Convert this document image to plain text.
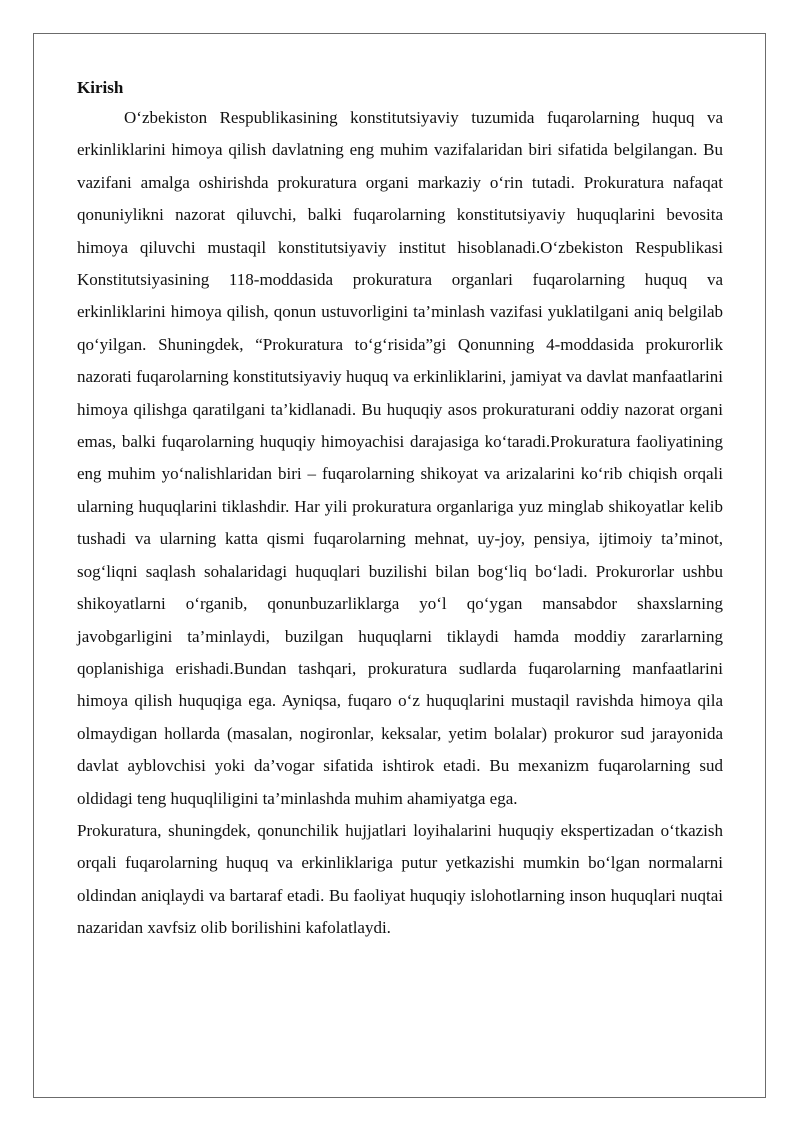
Kirish

O‘zbekiston Respublikasining konstitutsiyaviy tuzumida fuqarolarning huquq va erkinliklarini himoya qilish davlatning eng muhim vazifalaridan biri sifatida belgilangan. Bu vazifani amalga oshirishda prokuratura organi markaziy o‘rin tutadi. Prokuratura nafaqat qonuniylikni nazorat qiluvchi, balki fuqarolarning konstitutsiyaviy huquqlarini bevosita himoya qiluvchi mustaqil konstitutsiyaviy institut hisoblanadi.O‘zbekiston Respublikasi Konstitutsiyasining 118-moddasida prokuratura organlari fuqarolarning huquq va erkinliklarini himoya qilish, qonun ustuvorligini ta’minlash vazifasi yuklatilgani aniq belgilab qo‘yilgan. Shuningdek, “Prokuratura to‘g‘risida”gi Qonunning 4-moddasida prokurorlik nazorati fuqarolarning konstitutsiyaviy huquq va erkinliklarini, jamiyat va davlat manfaatlarini himoya qilishga qaratilgani ta’kidlanadi. Bu huquqiy asos prokuraturani oddiy nazorat organi emas, balki fuqarolarning huquqiy himoyachisi darajasiga ko‘taradi.Prokuratura faoliyatining eng muhim yo‘nalishlaridan biri – fuqarolarning shikoyat va arizalarini ko‘rib chiqish orqali ularning huquqlarini tiklashdir. Har yili prokuratura organlariga yuz minglab shikoyatlar kelib tushadi va ularning katta qismi fuqarolarning mehnat, uy-joy, pensiya, ijtimoiy ta’minot, sog‘liqni saqlash sohalaridagi huquqlari buzilishi bilan bog‘liq bo‘ladi. Prokurorlar ushbu shikoyatlarni o‘rganib, qonunbuzarliklarga yo‘l qo‘ygan mansabdor shaxslarning javobgarligini ta’minlaydi, buzilgan huquqlarni tiklaydi hamda moddiy zararlarning qoplanishiga erishadi.Bundan tashqari, prokuratura sudlarda fuqarolarning manfaatlarini himoya qilish huquqiga ega. Ayniqsa, fuqaro o‘z huquqlarini mustaqil ravishda himoya qila olmaydigan hollarda (masalan, nogironlar, keksalar, yetim bolalar) prokuror sud jarayonida davlat ayblovchisi yoki da’vogar sifatida ishtirok etadi. Bu mexanizm fuqarolarning sud oldidagi teng huquqliligini ta’minlashda muhim ahamiyatga ega.

Prokuratura, shuningdek, qonunchilik hujjatlari loyihalarini huquqiy ekspertizadan o‘tkazish orqali fuqarolarning huquq va erkinliklariga putur yetkazishi mumkin bo‘lgan normalarni oldindan aniqlaydi va bartaraf etadi. Bu faoliyat huquqiy islohotlarning inson huquqlari nuqtai nazaridan xavfsiz olib borilishini kafolatlaydi.
